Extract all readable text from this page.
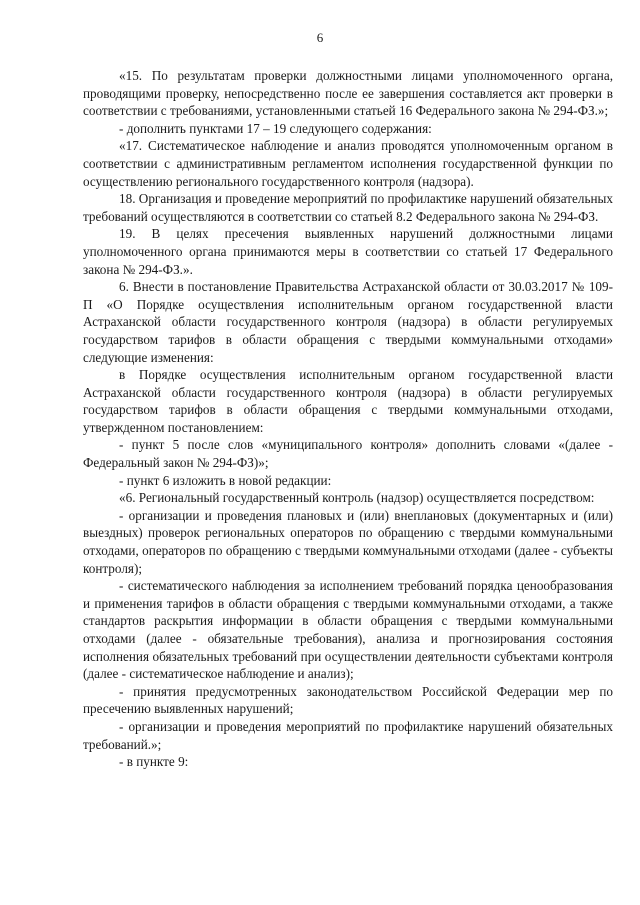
6

«15. По результатам проверки должностными лицами уполномоченного органа, проводящими проверку, непосредственно после ее завершения составляется акт проверки в соответствии с требованиями, установленными статьей 16 Федерального закона № 294-ФЗ.»;

- дополнить пунктами 17 – 19 следующего содержания:

«17. Систематическое наблюдение и анализ проводятся уполномоченным органом в соответствии с административным регламентом исполнения государственной функции по осуществлению регионального государственного контроля (надзора).

18. Организация и проведение мероприятий по профилактике нарушений обязательных требований осуществляются в соответствии со статьей 8.2 Федерального закона № 294-ФЗ.

19. В целях пресечения выявленных нарушений должностными лицами уполномоченного органа принимаются меры в соответствии со статьей 17 Федерального закона № 294-ФЗ.».

6. Внести в постановление Правительства Астраханской области от 30.03.2017 № 109-П «О Порядке осуществления исполнительным органом государственной власти Астраханской области государственного контроля (надзора) в области регулируемых государством тарифов в области обращения с твердыми коммунальными отходами» следующие изменения:

в Порядке осуществления исполнительным органом государственной власти Астраханской области государственного контроля (надзора) в области регулируемых государством тарифов в области обращения с твердыми коммунальными отходами, утвержденном постановлением:

- пункт 5 после слов «муниципального контроля» дополнить словами «(далее - Федеральный закон № 294-ФЗ)»;

- пункт 6 изложить в новой редакции:

«6. Региональный государственный контроль (надзор) осуществляется посредством:

- организации и проведения плановых и (или) внеплановых (документарных и (или) выездных) проверок региональных операторов по обращению с твердыми коммунальными отходами, операторов по обращению с твердыми коммунальными отходами (далее - субъекты контроля);

- систематического наблюдения за исполнением требований порядка ценообразования и применения тарифов в области обращения с твердыми коммунальными отходами, а также стандартов раскрытия информации в области обращения с твердыми коммунальными отходами (далее - обязательные требования), анализа и прогнозирования состояния исполнения обязательных требований при осуществлении деятельности субъектами контроля (далее - систематическое наблюдение и анализ);

- принятия предусмотренных законодательством Российской Федерации мер по пресечению выявленных нарушений;

- организации и проведения мероприятий по профилактике нарушений обязательных требований.»;

- в пункте 9:
